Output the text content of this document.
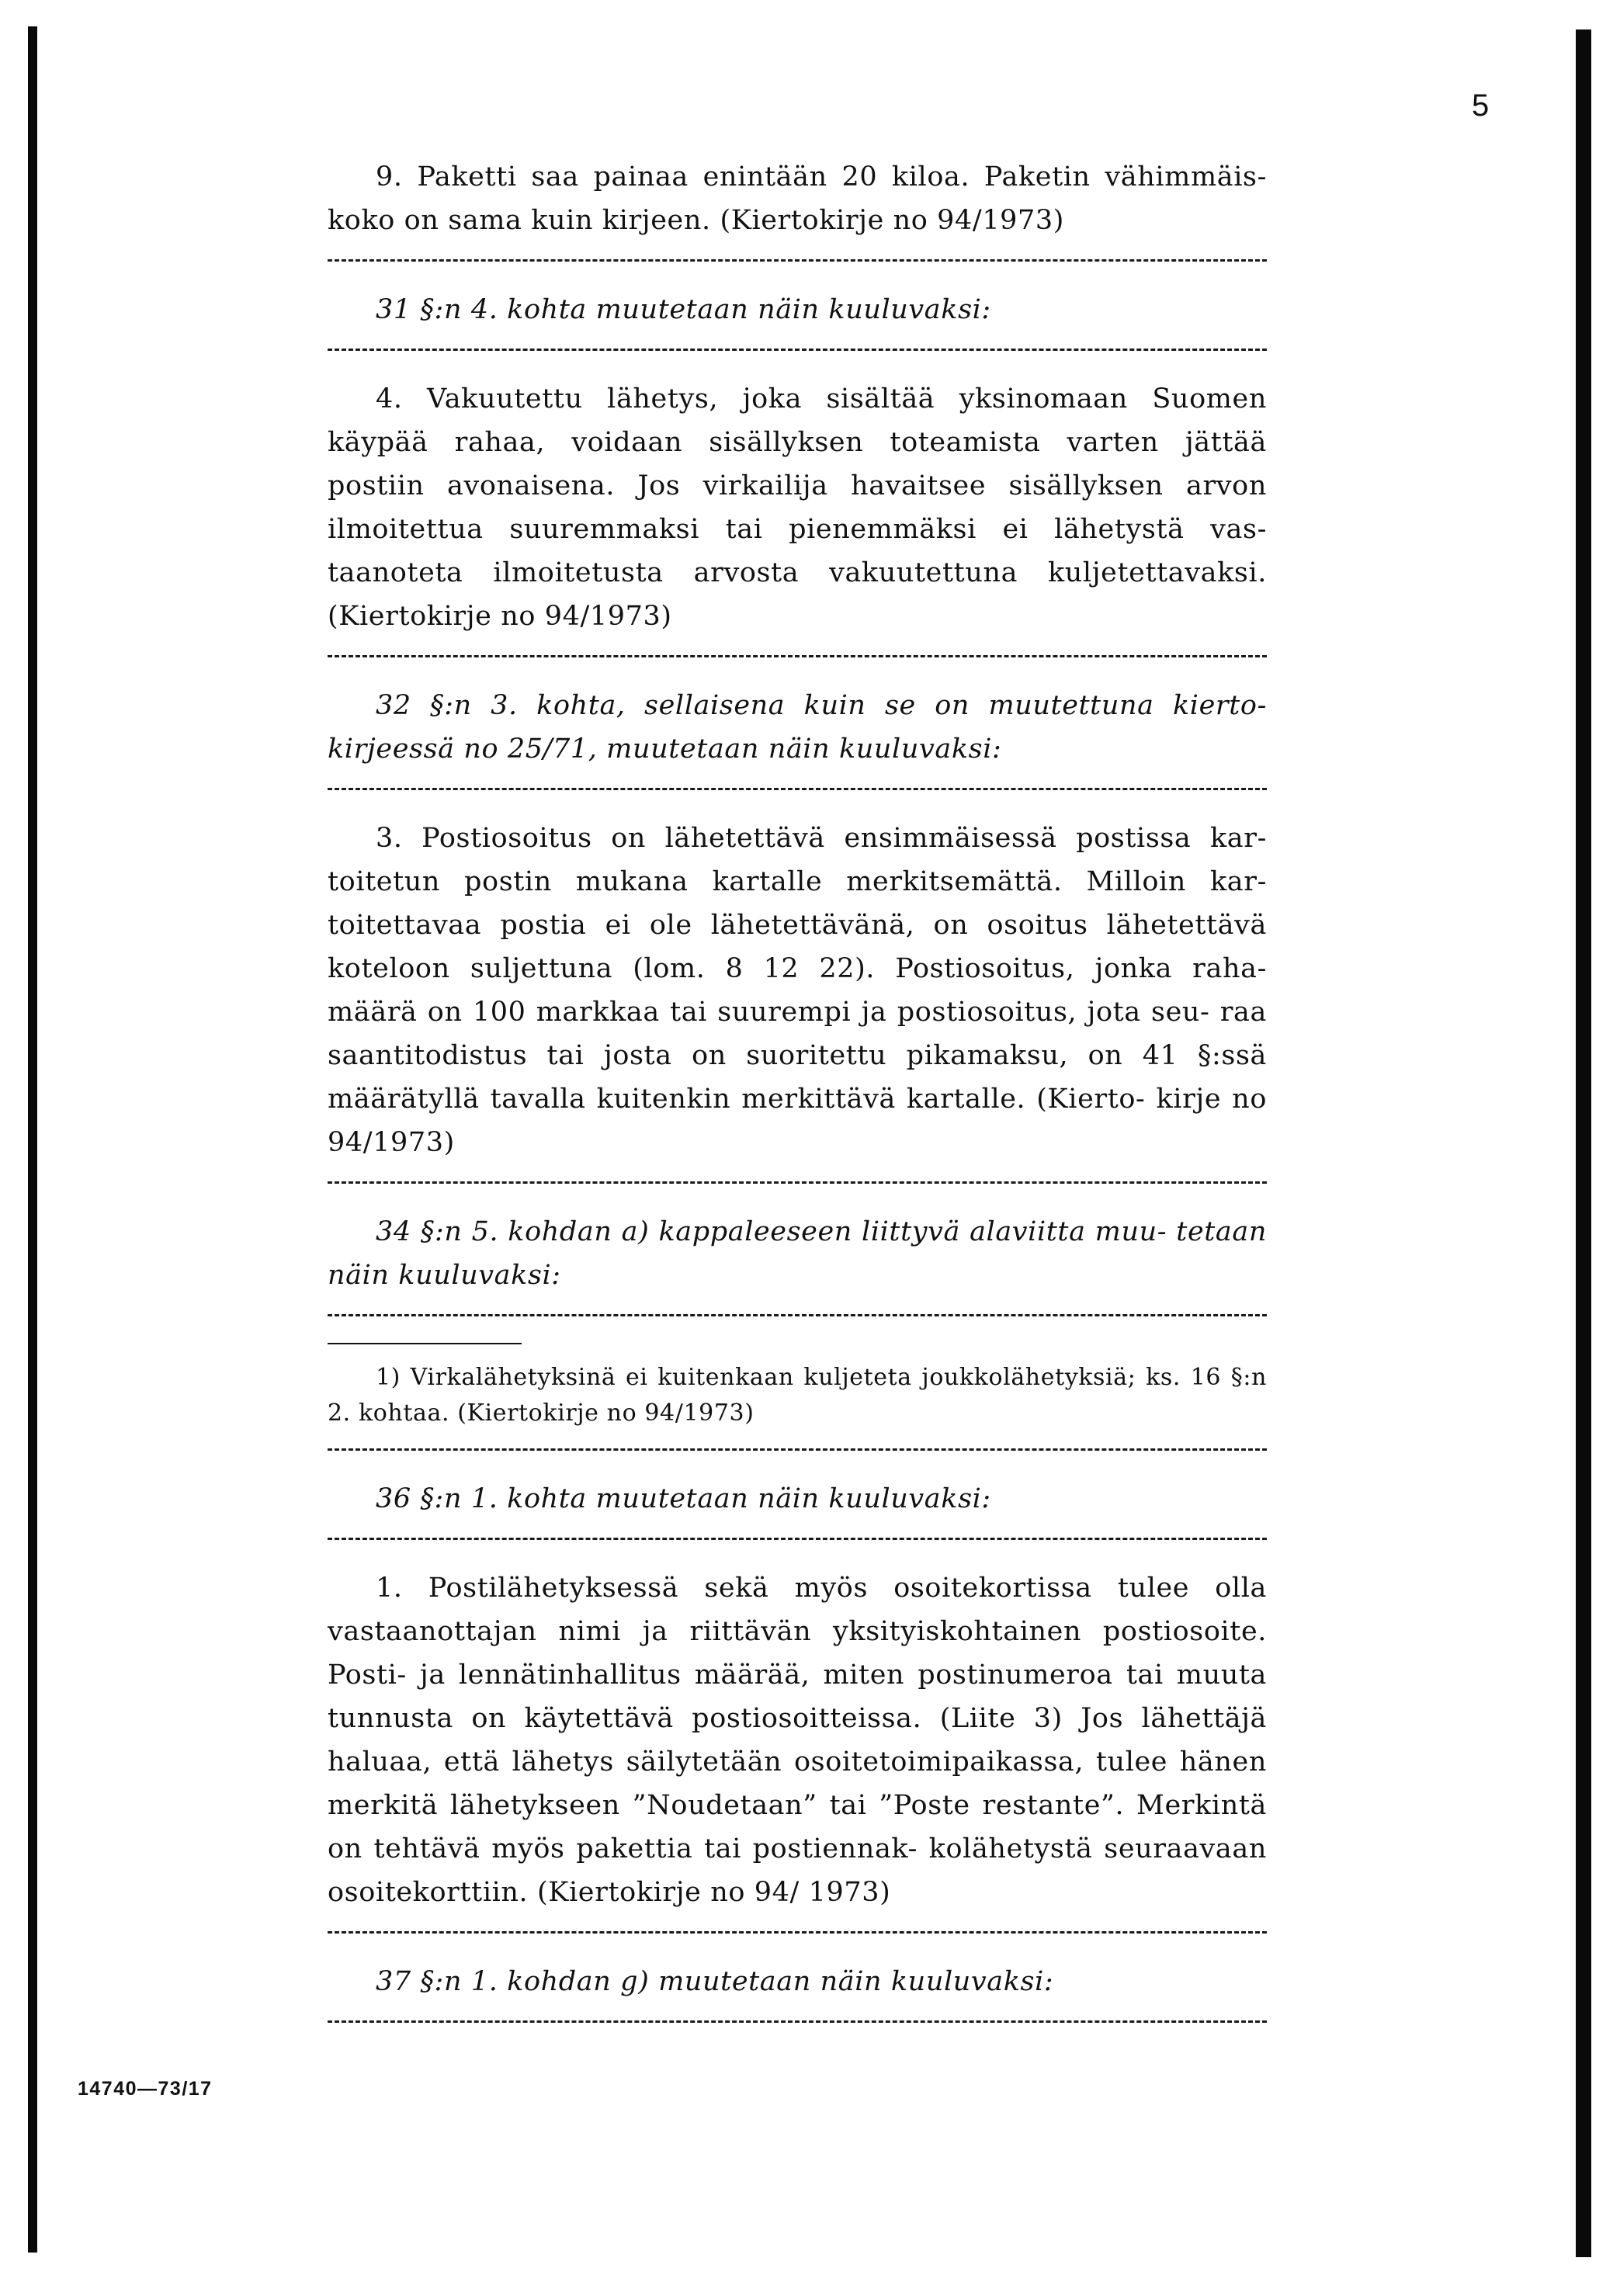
5

9. Paketti saa painaa enintään 20 kiloa. Paketin vähimmäis- koko on sama kuin kirjeen. (Kiertokirje no 94/1973)

31 §:n 4. kohta muutetaan näin kuuluvaksi:

4. Vakuutettu lähetys, joka sisältää yksinomaan Suomen käypää rahaa, voidaan sisällyksen toteamista varten jättää postiin avonaisena. Jos virkailija havaitsee sisällyksen arvon ilmoitettua suuremmaksi tai pienemmäksi ei lähetystä vas- taanoteta ilmoitetusta arvosta vakuutettuna kuljetettavaksi. (Kiertokirje no 94/1973)

32 §:n 3. kohta, sellaisena kuin se on muutettuna kierto- kirjeessä no 25/71, muutetaan näin kuuluvaksi:

3. Postiosoitus on lähetettävä ensimmäisessä postissa kar- toitetun postin mukana kartalle merkitsemättä. Milloin kar- toitettavaa postia ei ole lähetettävänä, on osoitus lähetettävä koteloon suljettuna (lom. 8 12 22). Postiosoitus, jonka raha- määrä on 100 markkaa tai suurempi ja postiosoitus, jota seu- raa saantitodistus tai josta on suoritettu pikamaksu, on 41 §:ssä määrätyllä tavalla kuitenkin merkittävä kartalle. (Kierto- kirje no 94/1973)

34 §:n 5. kohdan a) kappaleeseen liittyvä alaviitta muu- tetaan näin kuuluvaksi:

1) Virkalähetyksinä ei kuitenkaan kuljeteta joukkolähetyksiä; ks. 16 §:n 2. kohtaa. (Kiertokirje no 94/1973)

36 §:n 1. kohta muutetaan näin kuuluvaksi:

1. Postilähetyksessä sekä myös osoitekortissa tulee olla vastaanottajan nimi ja riittävän yksityiskohtainen postiosoite. Posti- ja lennätinhallitus määrää, miten postinumeroa tai muuta tunnusta on käytettävä postiosoitteissa. (Liite 3) Jos lähettäjä haluaa, että lähetys säilytetään osoitetoimipaikassa, tulee hänen merkitä lähetykseen ”Noudetaan” tai ”Poste restante”. Merkintä on tehtävä myös pakettia tai postiennak- kolähetystä seuraavaan osoitekorttiin. (Kiertokirje no 94/ 1973)

37 §:n 1. kohdan g) muutetaan näin kuuluvaksi:

14740—73/17
